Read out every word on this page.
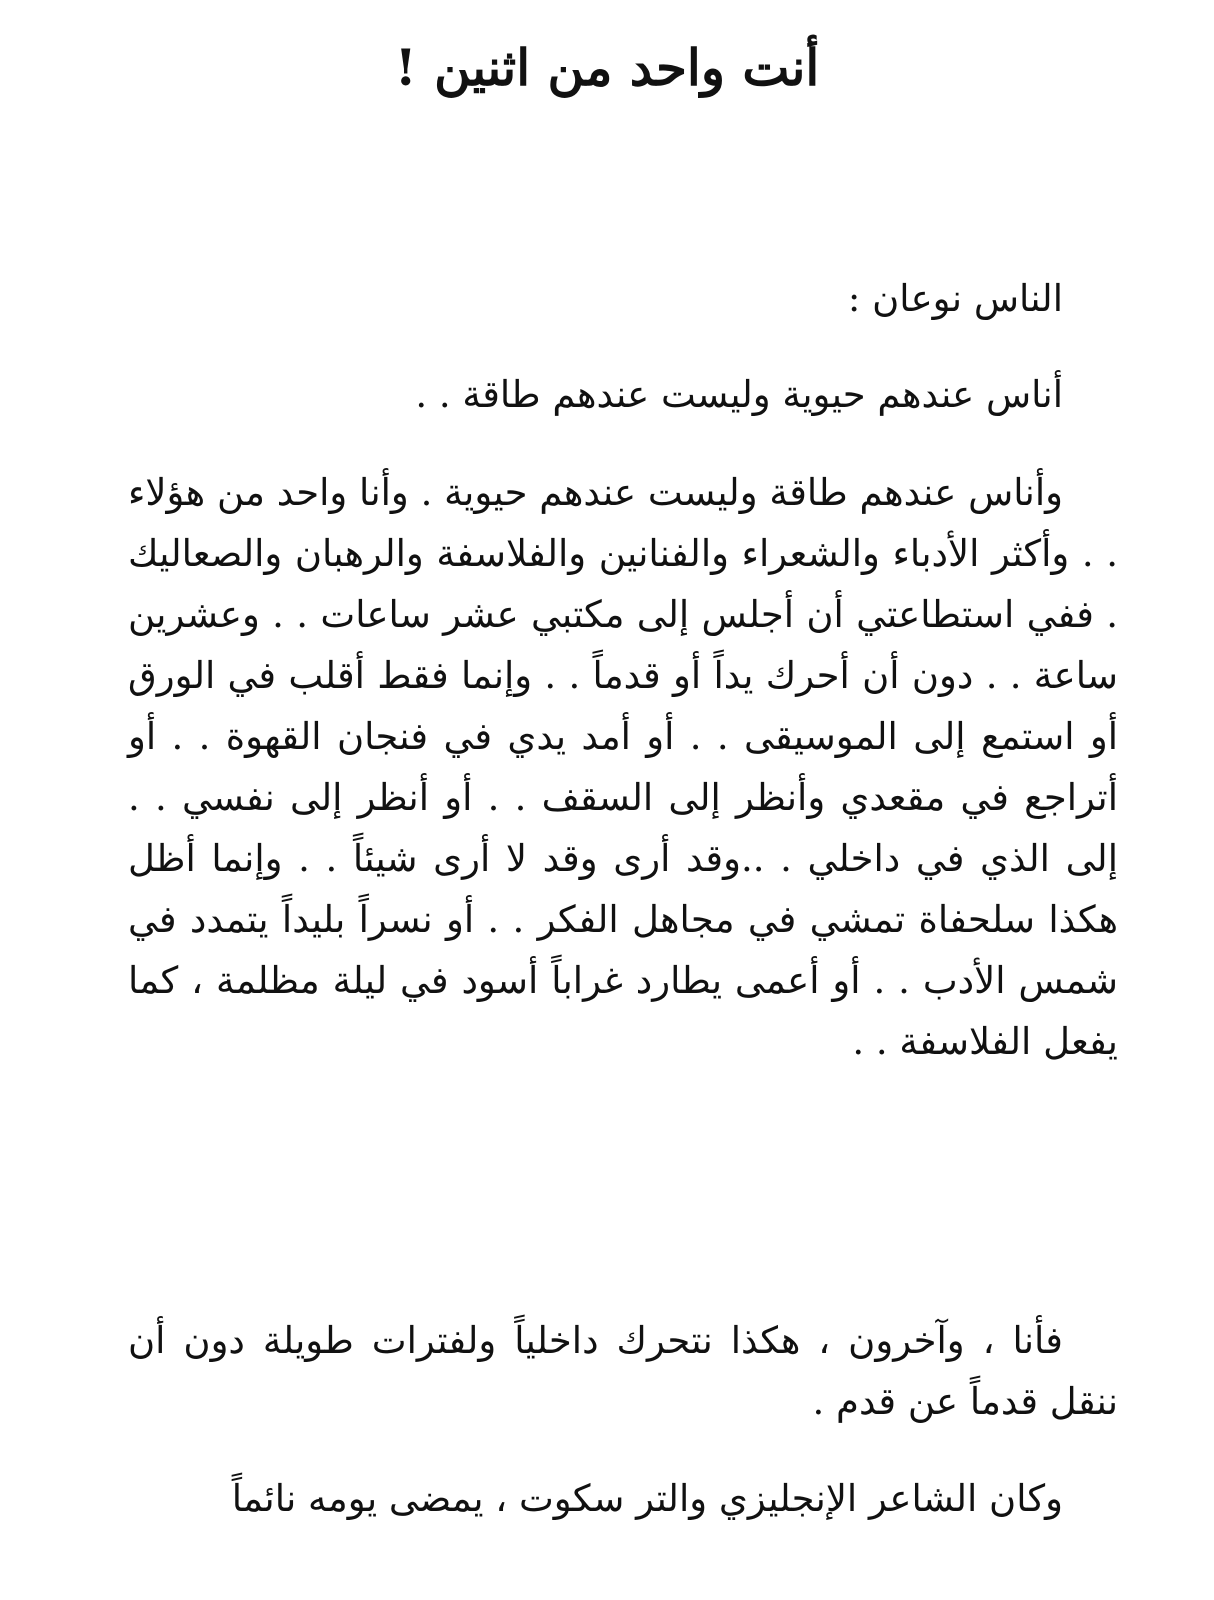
أنت واحد من اثنين !

الناس نوعان :

أناس عندهم حيوية وليست عندهم طاقة . .

وأناس عندهم طاقة وليست عندهم حيوية . وأنا واحد من هؤلاء . . وأكثر الأدباء والشعراء والفنانين والفلاسفة والرهبان والصعاليك . ففي استطاعتي أن أجلس إلى مكتبي عشر ساعات . . وعشرين ساعة . . دون أن أحرك يداً أو قدماً . . وإنما فقط أقلب في الورق أو استمع إلى الموسيقى . . أو أمد يدي في فنجان القهوة . . أو أتراجع في مقعدي وأنظر إلى السقف . . أو أنظر إلى نفسي . . إلى الذي في داخلي . ..وقد أرى وقد لا أرى شيئاً . . وإنما أظل هكذا سلحفاة تمشي في مجاهل الفكر . . أو نسراً بليداً يتمدد في شمس الأدب . . أو أعمى يطارد غراباً أسود في ليلة مظلمة ، كما يفعل الفلاسفة . .

فأنا ، وآخرون ، هكذا نتحرك داخلياً ولفترات طويلة دون أن ننقل قدماً عن قدم .

وكان الشاعر الإنجليزي والتر سكوت ، يمضى يومه نائماً
